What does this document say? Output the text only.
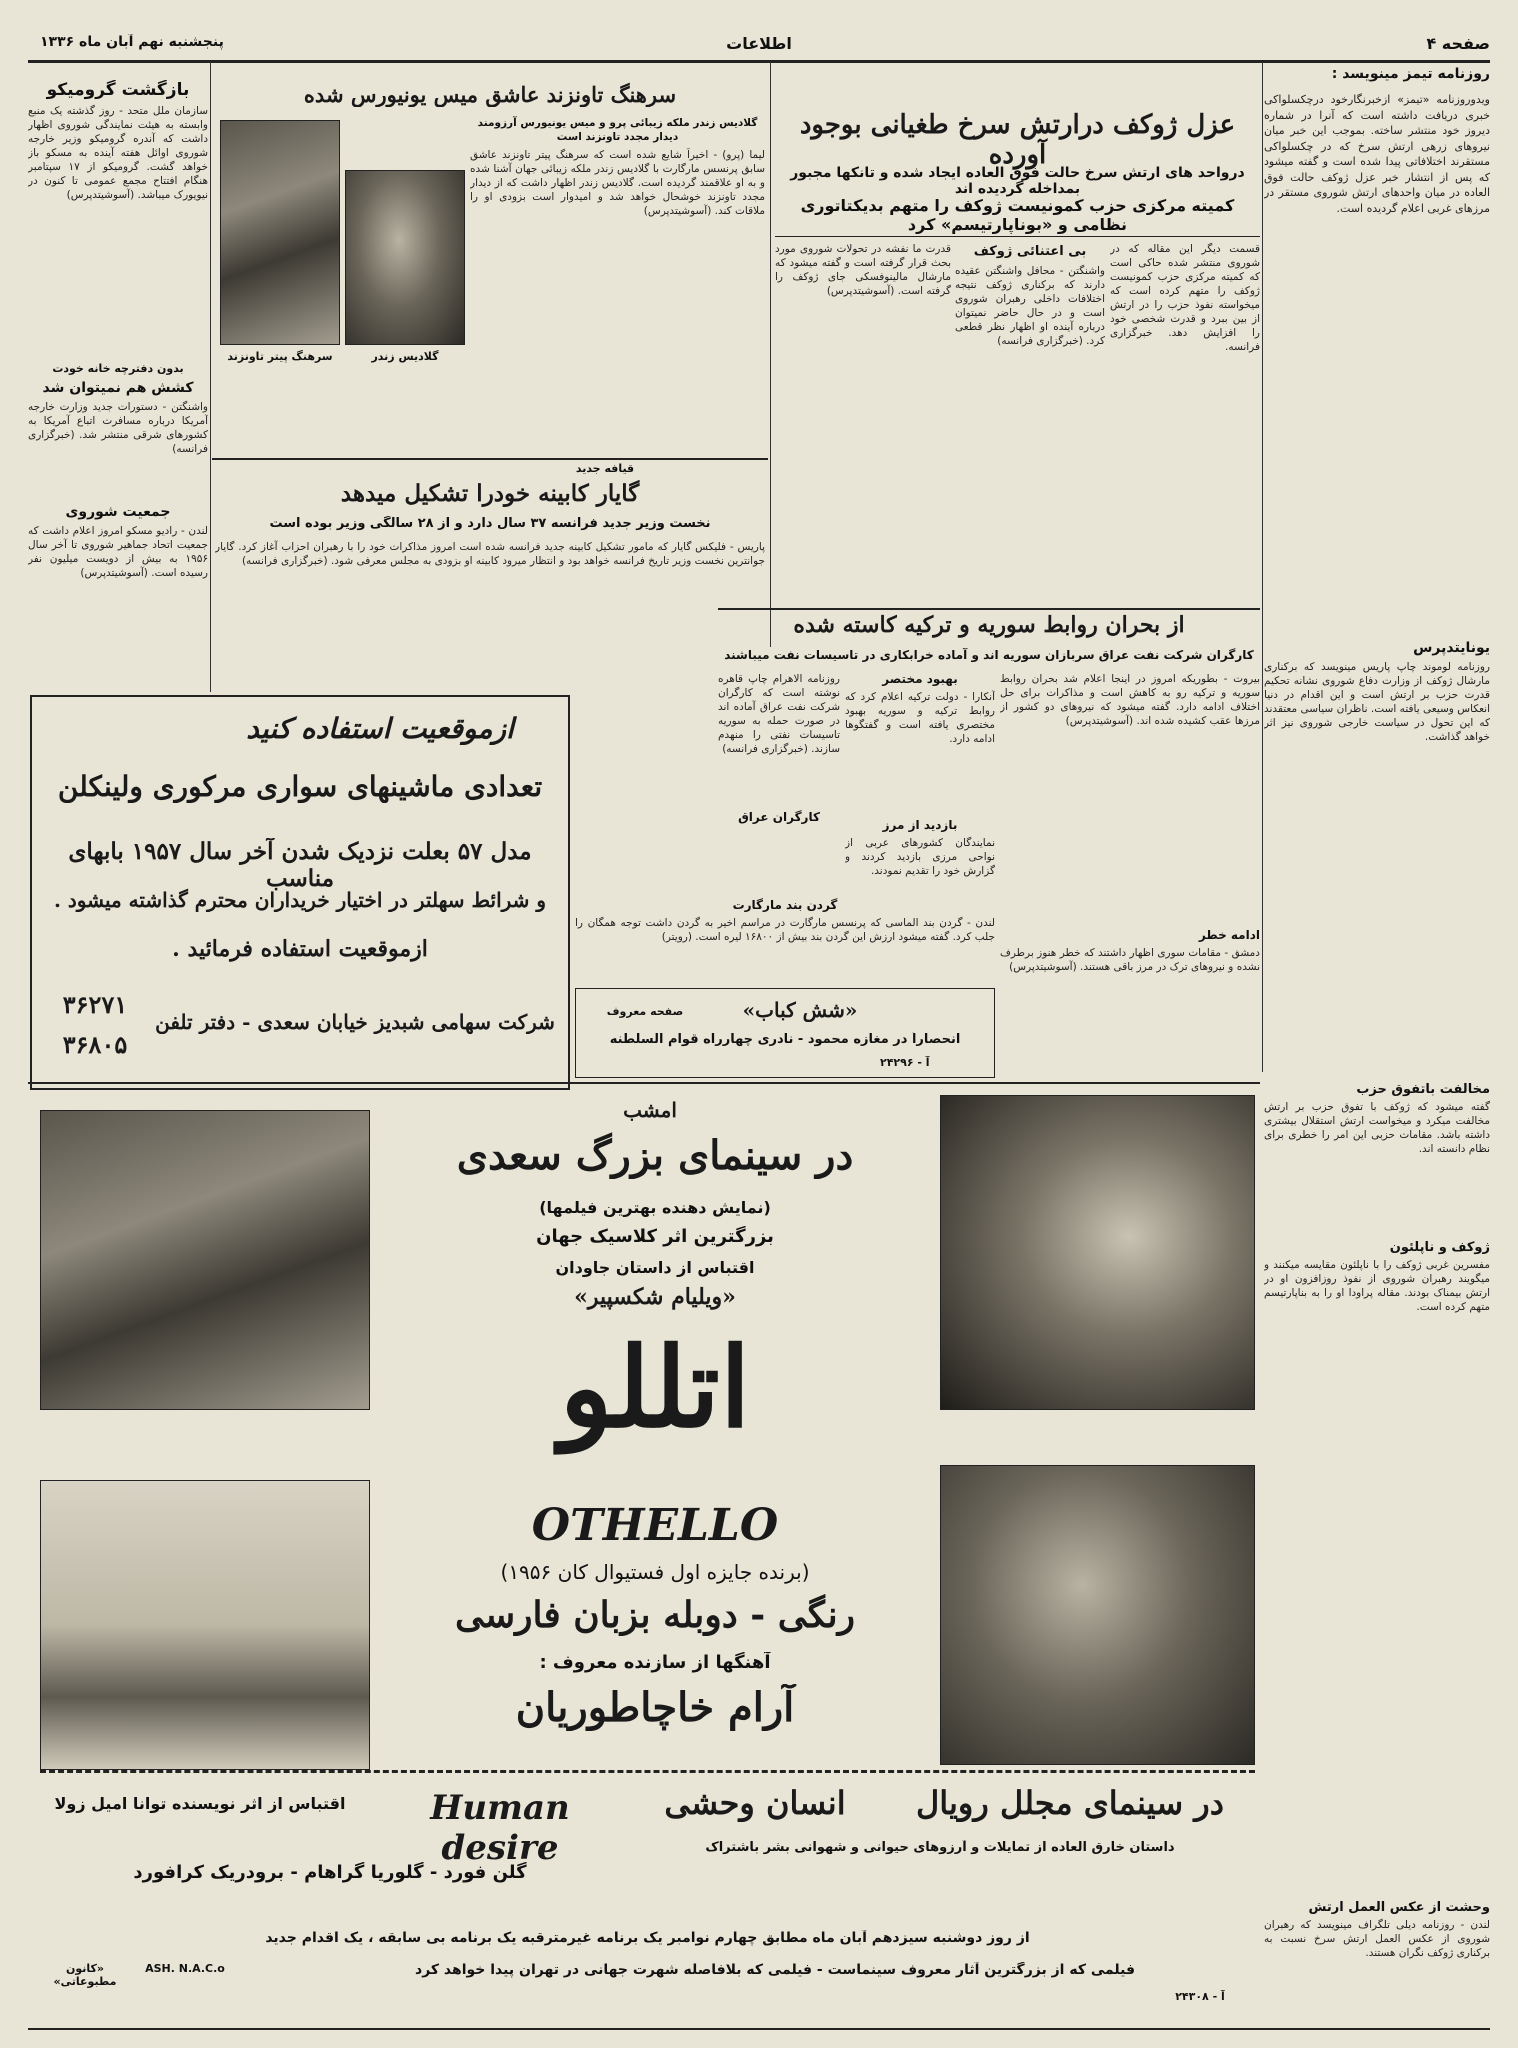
صفحه ۴
اطلاعات
پنجشنبه نهم آبان ماه ۱۳۳۶
روزنامه تیمز مینویسد :
ویدوروزنامه «تیمز» ازخبرنگارخود درچکسلواکی خبری دریافت داشته است که آنرا در شماره دیروز خود منتشر ساخته. بموجب این خبر میان نیروهای زرهی ارتش سرخ که در چکسلواکی مستقرند اختلافاتی پیدا شده است و گفته میشود که پس از انتشار خبر عزل ژوکف حالت فوق العاده در میان واحدهای ارتش شوروی مستقر در مرزهای غربی اعلام گردیده است.
یونایتدپرس
روزنامه لوموند چاپ پاریس مینویسد که برکناری مارشال ژوکف از وزارت دفاع شوروی نشانه تحکیم قدرت حزب بر ارتش است و این اقدام در دنیا انعکاس وسیعی یافته است. ناظران سیاسی معتقدند که این تحول در سیاست خارجی شوروی نیز اثر خواهد گذاشت.
مخالفت باتفوق حزب
گفته میشود که ژوکف با تفوق حزب بر ارتش مخالفت میکرد و میخواست ارتش استقلال بیشتری داشته باشد. مقامات حزبی این امر را خطری برای نظام دانسته اند.
ژوکف و ناپلئون
مفسرین غربی ژوکف را با ناپلئون مقایسه میکنند و میگویند رهبران شوروی از نفوذ روزافزون او در ارتش بیمناک بودند. مقاله پراودا او را به بناپارتیسم متهم کرده است.
وحشت از عکس العمل ارتش
لندن - روزنامه دیلی تلگراف مینویسد که رهبران شوروی از عکس العمل ارتش سرخ نسبت به برکناری ژوکف نگران هستند.
عزل ژوکف درارتش سرخ طغیانی بوجود آورده
درواحد های ارتش سرخ حالت فوق العاده ایجاد شده و تانکها مجبور بمداخله گردیده اند
کمیته مرکزی حزب کمونیست ژوکف را متهم بدیکتاتوری نظامی و «بوناپارتیسم» کرد
قسمت دیگر این مقاله که در شوروی منتشر شده حاکی است که کمیته مرکزی حزب کمونیست ژوکف را متهم کرده است که میخواسته نفوذ حزب را در ارتش از بین ببرد و قدرت شخصی خود را افزایش دهد. خبرگزاری فرانسه.
بی اعتنائی ژوکف
واشنگتن - محافل واشنگتن عقیده دارند که برکناری ژوکف نتیجه اختلافات داخلی رهبران شوروی است و در حال حاضر نمیتوان درباره آینده او اظهار نظر قطعی کرد. (خبرگزاری فرانسه)
قدرت ما نفشه در تحولات شوروی مورد بحث قرار گرفته است و گفته میشود که مارشال مالینوفسکی جای ژوکف را گرفته است. (آسوشیتدپرس)
از بحران روابط سوریه و ترکیه کاسته شده
کارگران شرکت نفت عراق سربازان سوریه اند و آماده خرابکاری در تاسیسات نفت میباشند
بیروت - بطوریکه امروز در اینجا اعلام شد بحران روابط سوریه و ترکیه رو به کاهش است و مذاکرات برای حل اختلاف ادامه دارد. گفته میشود که نیروهای دو کشور از مرزها عقب کشیده شده اند. (آسوشیتدپرس)
بهبود مختصر
آنکارا - دولت ترکیه اعلام کرد که روابط ترکیه و سوریه بهبود مختصری یافته است و گفتگوها ادامه دارد.
روزنامه الاهرام چاپ قاهره نوشته است که کارگران شرکت نفت عراق آماده اند در صورت حمله به سوریه تاسیسات نفتی را منهدم سازند. (خبرگزاری فرانسه)
کارگران عراق
بازدید از مرز
نمایندگان کشورهای عربی از نواحی مرزی بازدید کردند و گزارش خود را تقدیم نمودند.
ادامه خطر
دمشق - مقامات سوری اظهار داشتند که خطر هنوز برطرف نشده و نیروهای ترک در مرز باقی هستند. (آسوشیتدپرس)
بازگشت گرومیکو
سازمان ملل متحد - روز گذشته یک منبع وابسته به هیئت نمایندگی شوروی اظهار داشت که آندره گرومیکو وزیر خارجه شوروی اوائل هفته آینده به مسکو باز خواهد گشت. گرومیکو از ۱۷ سپتامبر هنگام افتتاح مجمع عمومی تا کنون در نیویورک میباشد. (آسوشیتدپرس)
بدون دفترچه خانه خودت
کشش هم نمیتوان شد
واشنگتن - دستورات جدید وزارت خارجه آمریکا درباره مسافرت اتباع آمریکا به کشورهای شرقی منتشر شد. (خبرگزاری فرانسه)
جمعیت شوروی
لندن - رادیو مسکو امروز اعلام داشت که جمعیت اتحاد جماهیر شوروی تا آخر سال ۱۹۵۶ به بیش از دویست میلیون نفر رسیده است. (آسوشیتدپرس)
سرهنگ تاونزند عاشق میس یونیورس شده
گلادیس زندر ملکه زیبائی پرو و میس یونیورس آرزومند دیدار مجدد تاونزند است
سرهنگ پیتر تاونزند	گلادیس زندر
لیما (پرو) - اخیراً شایع شده است که سرهنگ پیتر تاونزند عاشق سابق پرنسس مارگارت با گلادیس زندر ملکه زیبائی جهان آشنا شده و به او علاقمند گردیده است. گلادیس زندر اظهار داشت که از دیدار مجدد تاونزند خوشحال خواهد شد و امیدوار است بزودی او را ملاقات کند. (آسوشیتدپرس)
قیافه جدید
گایار کابینه خودرا تشکیل میدهد
نخست وزیر جدید فرانسه ۳۷ سال دارد و از ۲۸ سالگی وزیر بوده است
پاریس - فلیکس گایار که مامور تشکیل کابینه جدید فرانسه شده است امروز مذاکرات خود را با رهبران احزاب آغاز کرد. گایار جوانترین نخست وزیر تاریخ فرانسه خواهد بود و انتظار میرود کابینه او بزودی به مجلس معرفی شود. (خبرگزاری فرانسه)
ازموقعیت استفاده کنید
تعدادی ماشینهای سواری مرکوری ولینکلن
مدل ۵۷ بعلت نزدیک شدن آخر سال ۱۹۵۷ بابهای مناسب
و شرائط سهلتر در اختیار خریداران محترم گذاشته میشود .
ازموقعیت استفاده فرمائید .
شرکت سهامی شبدیز خیابان سعدی - دفتر تلفن
۳۶۲۷۱
۳۶۸۰۵
گردن بند مارگارت
لندن - گردن بند الماسی که پرنسس مارگارت در مراسم اخیر به گردن داشت توجه همگان را جلب کرد. گفته میشود ارزش این گردن بند بیش از ۱۶۸۰۰ لیره است. (رویتر)
«شش کباب»
صفحه معروف
انحصاراً در مغازه محمود - نادری چهارراه قوام السلطنه
آ - ۲۴۲۹۶
امشب
در سینمای بزرگ سعدی
(نمایش دهنده بهترین فیلمها)
بزرگترین اثر کلاسیک جهان
اقتباس از داستان جاودان
«ویلیام شکسپیر»
اتللو
OTHELLO
(برنده جایزه اول فستیوال کان ۱۹۵۶)
رنگی - دوبله بزبان فارسی
آهنگها از سازنده معروف :
آرام خاچاطوریان
در سینمای مجلل رویال
انسان وحشی
Human desire
اقتباس از اثر نویسنده توانا امیل زولا
داستان خارق العاده از تمایلات و آرزوهای حیوانی و شهوانی بشر باشتراک
گلن فورد - گلوریا گراهام - برودریک کرافورد
از روز دوشنبه سیزدهم آبان ماه مطابق چهارم نوامبر یک برنامه غیرمترقبه یک برنامه بی سابقه ، یک اقدام جدید
فیلمی که از بزرگترین آثار معروف سینماست - فیلمی که بلافاصله شهرت جهانی در تهران پیدا خواهد کرد
آ - ۲۴۳۰۸
ASH. N.A.C.o
«کانون مطبوعاتی»
